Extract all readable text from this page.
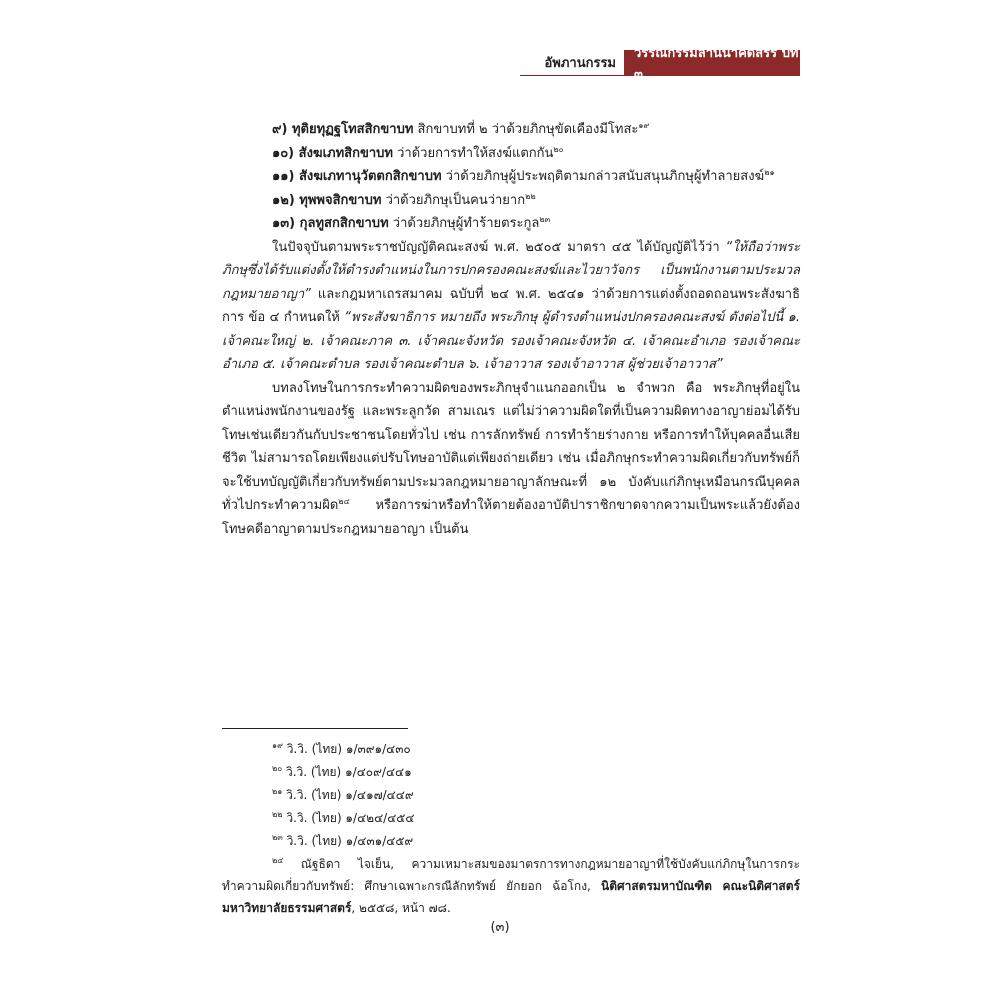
อัพภานกรรม
วรรณกรรมล้านนาคัดสรร ปีที่ ๓
๙) ทุติยทุฏฐโทสสิกขาบท สิกขาบทที่ ๒ ว่าด้วยภิกษุขัดเคืองมีโทสะ$^{๑๙}$
๑๐) สังฆเภทสิกขาบท ว่าด้วยการทำให้สงฆ์แตกกัน$^{๒๐}$
๑๑) สังฆเภทานุวัตตกสิกขาบท ว่าด้วยภิกษุผู้ประพฤติตามกล่าวสนับสนุนภิกษุผู้ทำลายสงฆ์$^{๒๑}$
๑๒) ทุพพจสิกขาบท ว่าด้วยภิกษุเป็นคนว่ายาก$^{๒๒}$
๑๓) กุลทูสกสิกขาบท ว่าด้วยภิกษุผู้ทำร้ายตระกูล$^{๒๓}$

ในปัจจุบันตามพระราชบัญญัติคณะสงฆ์ พ.ศ. ๒๕๐๕ มาตรา ๔๕ ได้บัญญัติไว้ว่า “ให้ถือว่าพระภิกษุซึ่งได้รับแต่งตั้งให้ดำรงตำแหน่งในการปกครองคณะสงฆ์และไวยาวัจกร เป็นพนักงานตามประมวลกฎหมายอาญา” และกฎมหาเถรสมาคม ฉบับที่ ๒๔ พ.ศ. ๒๕๔๑ ว่าด้วยการแต่งตั้งถอดถอนพระสังฆาธิการ ข้อ ๔ กำหนดให้ “พระสังฆาธิการ หมายถึง พระภิกษุ ผู้ดำรงตำแหน่งปกครองคณะสงฆ์ ดังต่อไปนี้ ๑. เจ้าคณะใหญ่ ๒. เจ้าคณะภาค ๓. เจ้าคณะจังหวัด รองเจ้าคณะจังหวัด ๔. เจ้าคณะอำเภอ รองเจ้าคณะอำเภอ ๕. เจ้าคณะตำบล รองเจ้าคณะตำบล ๖. เจ้าอาวาส รองเจ้าอาวาส ผู้ช่วยเจ้าอาวาส”

บทลงโทษในการกระทำความผิดของพระภิกษุจำแนกออกเป็น ๒ จำพวก คือ พระภิกษุที่อยู่ในตำแหน่งพนักงานของรัฐ และพระลูกวัด สามเณร แต่ไม่ว่าความผิดใดที่เป็นความผิดทางอาญาย่อมได้รับโทษเช่นเดียวกันกับประชาชนโดยทั่วไป เช่น การลักทรัพย์ การทำร้ายร่างกาย หรือการทำให้บุคคลอื่นเสียชีวิต ไม่สามารถโดยเพียงแต่ปรับโทษอาบัติแต่เพียงถ่ายเดียว เช่น เมื่อภิกษุกระทำความผิดเกี่ยวกับทรัพย์ก็จะใช้บทบัญญัติเกี่ยวกับทรัพย์ตามประมวลกฎหมายอาญาลักษณะที่ ๑๒ บังคับแก่ภิกษุเหมือนกรณีบุคคลทั่วไปกระทำความผิด$^{๒๔}$ หรือการฆ่าหรือทำให้ตายต้องอาบัติปาราชิกขาดจากความเป็นพระแล้วยังต้องโทษคดีอาญาตามประกฎหมายอาญา เป็นต้น

$^{๑๙}$ วิ.วิ. (ไทย) ๑/๓๙๑/๔๓๐
$^{๒๐}$ วิ.วิ. (ไทย) ๑/๔๐๙/๔๔๑
$^{๒๑}$ วิ.วิ. (ไทย) ๑/๔๑๗/๔๔๙
$^{๒๒}$ วิ.วิ. (ไทย) ๑/๔๒๔/๔๕๔
$^{๒๓}$ วิ.วิ. (ไทย) ๑/๔๓๑/๔๕๙
$^{๒๔}$ ณัฐธิดา ไจเย็น, ความเหมาะสมของมาตรการทางกฎหมายอาญาที่ใช้บังคับแก่ภิกษุในการกระทำความผิดเกี่ยวกับทรัพย์: ศึกษาเฉพาะกรณีลักทรัพย์ ยักยอก ฉ้อโกง, นิติศาสตรมหาบัณฑิต คณะนิติศาสตร์ มหาวิทยาลัยธรรมศาสตร์, ๒๕๕๘, หน้า ๗๘.
(๓)
